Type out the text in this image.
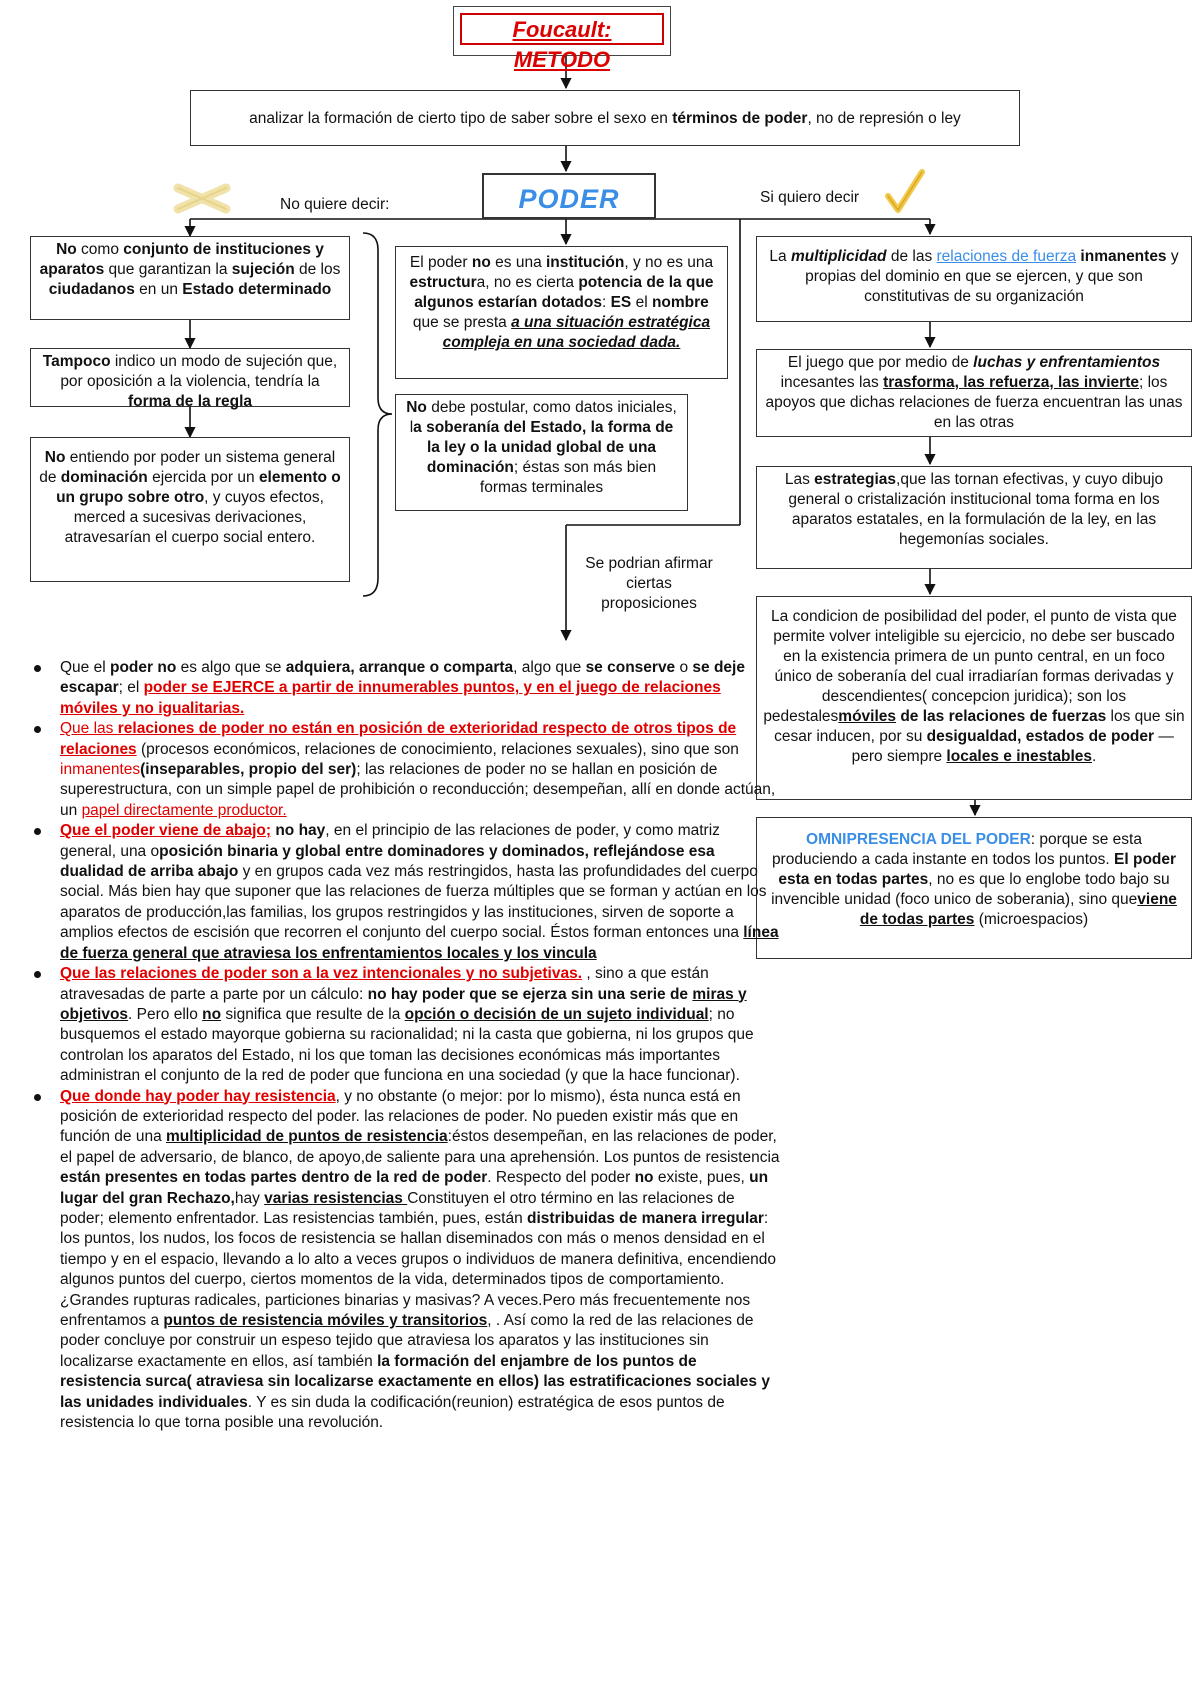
Foucault: METODO
analizar la formación de cierto tipo de saber sobre el sexo en términos de poder, no de represión o ley
PODER
No quiere decir:	Si quiero decir
No como conjunto de instituciones y aparatos que garantizan la sujeción de los ciudadanos en un Estado determinado
Tampoco indico un modo de sujeción que, por oposición a la violencia, tendría la forma de la regla
No entiendo por poder un sistema general de dominación ejercida por un elemento o un grupo sobre otro, y cuyos efectos, merced a sucesivas derivaciones, atravesarían el cuerpo social entero.
El poder no es una institución, y no es una estructura, no es cierta potencia de la que algunos estarían dotados: ES el nombre que se presta a una situación estratégica compleja en una sociedad dada.
No debe postular, como datos iniciales, la soberanía del Estado, la forma de la ley o la unidad global de una dominación; éstas son más bien formas terminales
Se podrian afirmar ciertas proposiciones
La multiplicidad de las relaciones de fuerza inmanentes y propias del dominio en que se ejercen, y que son constitutivas de su organización
El juego que por medio de luchas y enfrentamientos incesantes las trasforma, las refuerza, las invierte; los apoyos que dichas relaciones de fuerza encuentran las unas en las otras
Las estrategias,que las tornan efectivas, y cuyo dibujo general o cristalización institucional toma forma en los aparatos estatales, en la formulación de la ley, en las hegemonías sociales.
La condicion de posibilidad del poder, el punto de vista que permite volver inteligible su ejercicio, no debe ser buscado en la existencia primera de un punto central, en un foco único de soberanía del cual irradiarían formas derivadas y descendientes( concepcion juridica); son los pedestalesmóviles de las relaciones de fuerzas los que sin cesar inducen, por su desigualdad, estados de poder — pero siempre locales e inestables.
OMNIPRESENCIA DEL PODER: porque se esta produciendo a cada instante en todos los puntos. El poder esta en todas partes, no es que lo englobe todo bajo su invencible unidad (foco unico de soberania), sino queviene de todas partes (microespacios)
Que el poder no es algo que se adquiera, arranque o comparta, algo que se conserve o se deje escapar; el poder se EJERCE a partir de innumerables puntos, y en el juego de relaciones móviles y no igualitarias.
Que las relaciones de poder no están en posición de exterioridad respecto de otros tipos de relaciones (procesos económicos, relaciones de conocimiento, relaciones sexuales), sino que son inmanentes(inseparables, propio del ser); las relaciones de poder no se hallan en posición de superestructura, con un simple papel de prohibición o reconducción; desempeñan, allí en donde actúan, un papel directamente productor.
Que el poder viene de abajo; no hay, en el principio de las relaciones de poder, y como matriz general, una oposición binaria y global entre dominadores y dominados, reflejándose esa dualidad de arriba abajo y en grupos cada vez más restringidos, hasta las profundidades del cuerpo social. Más bien hay que suponer que las relaciones de fuerza múltiples que se forman y actúan en los aparatos de producción,las familias, los grupos restringidos y las instituciones, sirven de soporte a amplios efectos de escisión que recorren el conjunto del cuerpo social. Éstos forman entonces una línea de fuerza general que atraviesa los enfrentamientos locales y los vincula
Que las relaciones de poder son a la vez intencionales y no subjetivas. , sino a que están atravesadas de parte a parte por un cálculo: no hay poder que se ejerza sin una serie de miras y objetivos. Pero ello no significa que resulte de la opción o decisión de un sujeto individual; no busquemos el estado mayorque gobierna su racionalidad; ni la casta que gobierna, ni los grupos que controlan los aparatos del Estado, ni los que toman las decisiones económicas más importantes administran el conjunto de la red de poder que funciona en una sociedad (y que la hace funcionar).
Que donde hay poder hay resistencia, y no obstante (o mejor: por lo mismo), ésta nunca está en posición de exterioridad respecto del poder. las relaciones de poder. No pueden existir más que en función de una multiplicidad de puntos de resistencia:éstos desempeñan, en las relaciones de poder, el papel de adversario, de blanco, de apoyo,de saliente para una aprehensión. Los puntos de resistencia están presentes en todas partes dentro de la red de poder. Respecto del poder no existe, pues, un lugar del gran Rechazo,hay varias resistencias Constituyen el otro término en las relaciones de poder; elemento enfrentador. Las resistencias también, pues, están distribuidas de manera irregular: los puntos, los nudos, los focos de resistencia se hallan diseminados con más o menos densidad en el tiempo y en el espacio, llevando a lo alto a veces grupos o individuos de manera definitiva, encendiendo algunos puntos del cuerpo, ciertos momentos de la vida, determinados tipos de comportamiento. ¿Grandes rupturas radicales, particiones binarias y masivas? A veces.Pero más frecuentemente nos enfrentamos a puntos de resistencia móviles y transitorios, . Así como la red de las relaciones de poder concluye por construir un espeso tejido que atraviesa los aparatos y las instituciones sin localizarse exactamente en ellos, así también la formación del enjambre de los puntos de resistencia surca( atraviesa sin localizarse exactamente en ellos) las estratificaciones sociales y las unidades individuales. Y es sin duda la codificación(reunion) estratégica de esos puntos de resistencia lo que torna posible una revolución.
